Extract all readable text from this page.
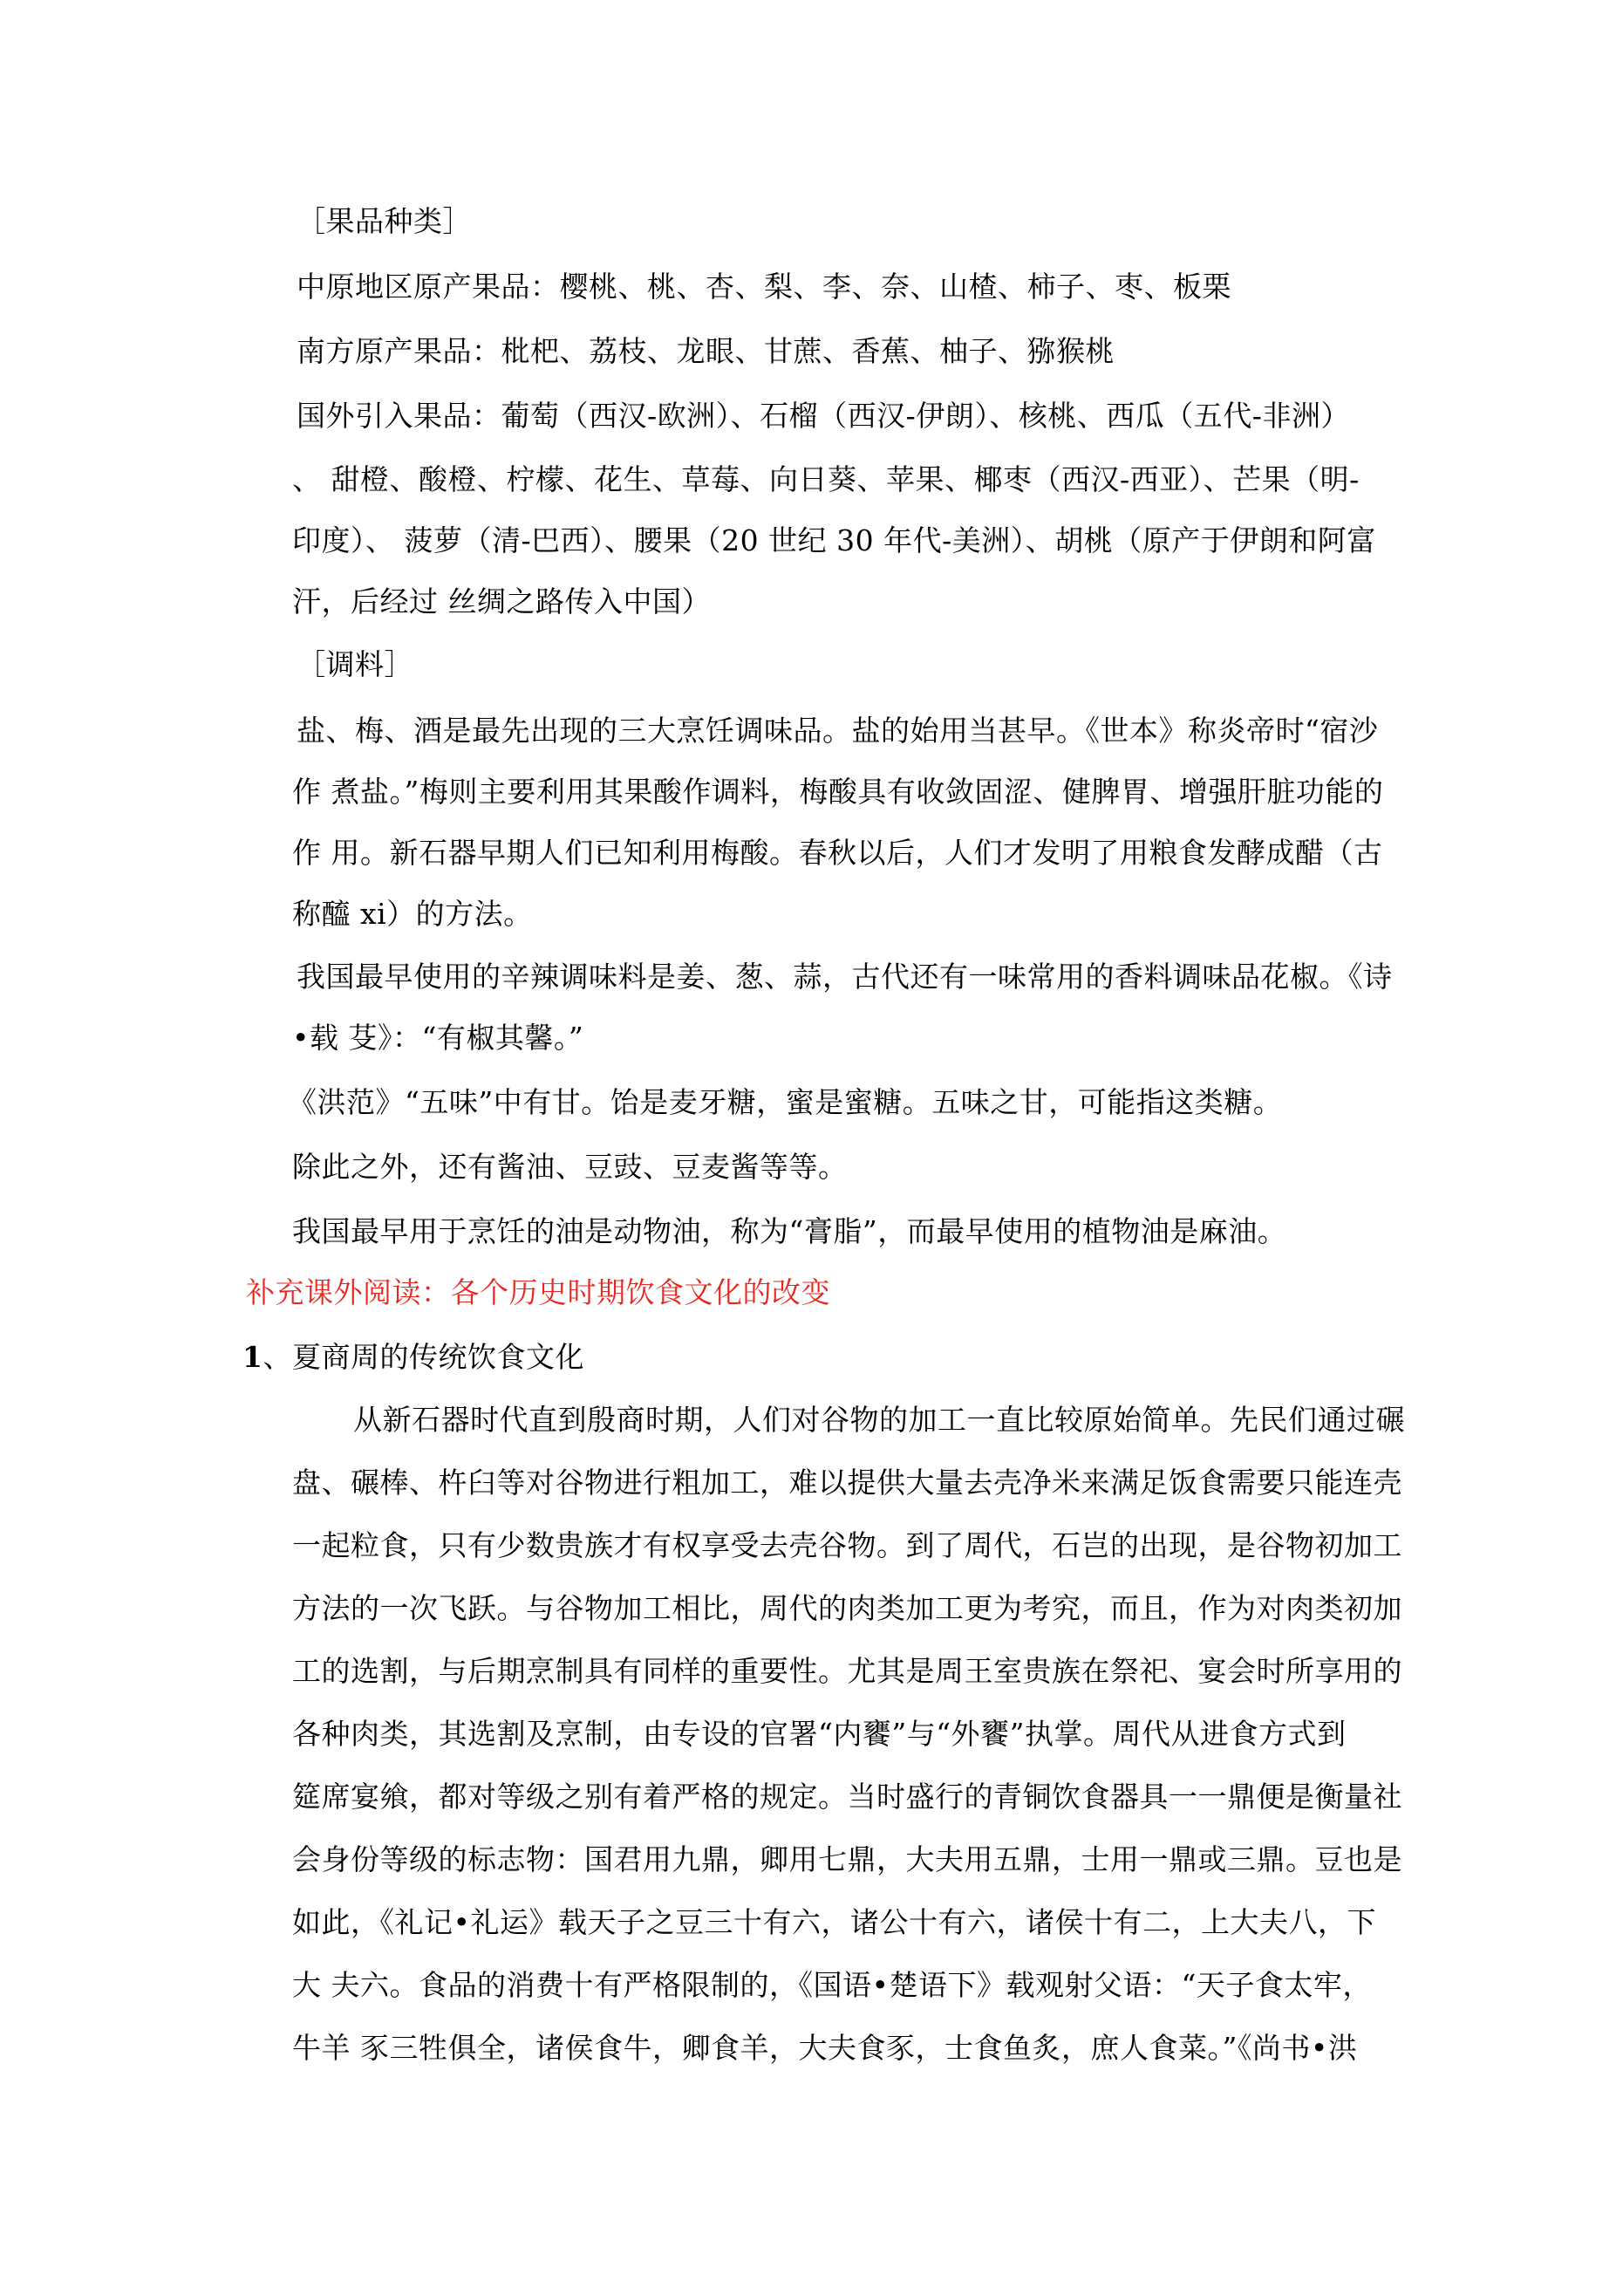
［果品种类］
中原地区原产果品：樱桃、桃、杏、梨、李、奈、山楂、柿子、枣、板栗
南方原产果品：枇杷、荔枝、龙眼、甘蔗、香蕉、柚子、猕猴桃
国外引入果品：葡萄（西汉-欧洲）、石榴（西汉-伊朗）、核桃、西瓜（五代-非洲）
、 甜橙、酸橙、柠檬、花生、草莓、向日葵、苹果、椰枣（西汉-西亚）、芒果（明-
印度）、 菠萝（清-巴西）、腰果（20 世纪 30 年代-美洲）、胡桃（原产于伊朗和阿富
汗，后经过 丝绸之路传入中国）
［调料］
盐、梅、酒是最先出现的三大烹饪调味品。盐的始用当甚早。《世本》称炎帝时“宿沙
作 煮盐。”梅则主要利用其果酸作调料，梅酸具有收敛固涩、健脾胃、增强肝脏功能的
作 用。新石器早期人们已知利用梅酸。春秋以后，人们才发明了用粮食发酵成醋（古
称醯 xi）的方法。
我国最早使用的辛辣调味料是姜、葱、蒜，古代还有一味常用的香料调味品花椒。《诗
•载 芟》：“有椒其馨。”
《洪范》“五味”中有甘。饴是麦牙糖，蜜是蜜糖。五味之甘，可能指这类糖。
除此之外，还有酱油、豆豉、豆麦酱等等。
我国最早用于烹饪的油是动物油，称为“膏脂”，而最早使用的植物油是麻油。
补充课外阅读：各个历史时期饮食文化的改变
1、夏商周的传统饮食文化
从新石器时代直到殷商时期，人们对谷物的加工一直比较原始简单。先民们通过碾
盘、碾棒、杵臼等对谷物进行粗加工，难以提供大量去壳净米来满足饭食需要只能连壳
一起粒食，只有少数贵族才有权享受去壳谷物。到了周代，石岂的出现，是谷物初加工
方法的一次飞跃。与谷物加工相比，周代的肉类加工更为考究，而且，作为对肉类初加
工的选割，与后期烹制具有同样的重要性。尤其是周王室贵族在祭祀、宴会时所享用的
各种肉类，其选割及烹制，由专设的官署“内饔”与“外饔”执掌。周代从进食方式到
筵席宴飨，都对等级之别有着严格的规定。当时盛行的青铜饮食器具一一鼎便是衡量社
会身份等级的标志物：国君用九鼎，卿用七鼎，大夫用五鼎，士用一鼎或三鼎。豆也是
如此，《礼记•礼运》载天子之豆三十有六，诸公十有六，诸侯十有二，上大夫八，下
大 夫六。食品的消费十有严格限制的，《国语•楚语下》载观射父语：“天子食太牢，
牛羊 豕三牲俱全，诸侯食牛，卿食羊，大夫食豕，士食鱼炙，庶人食菜。”《尚书•洪
